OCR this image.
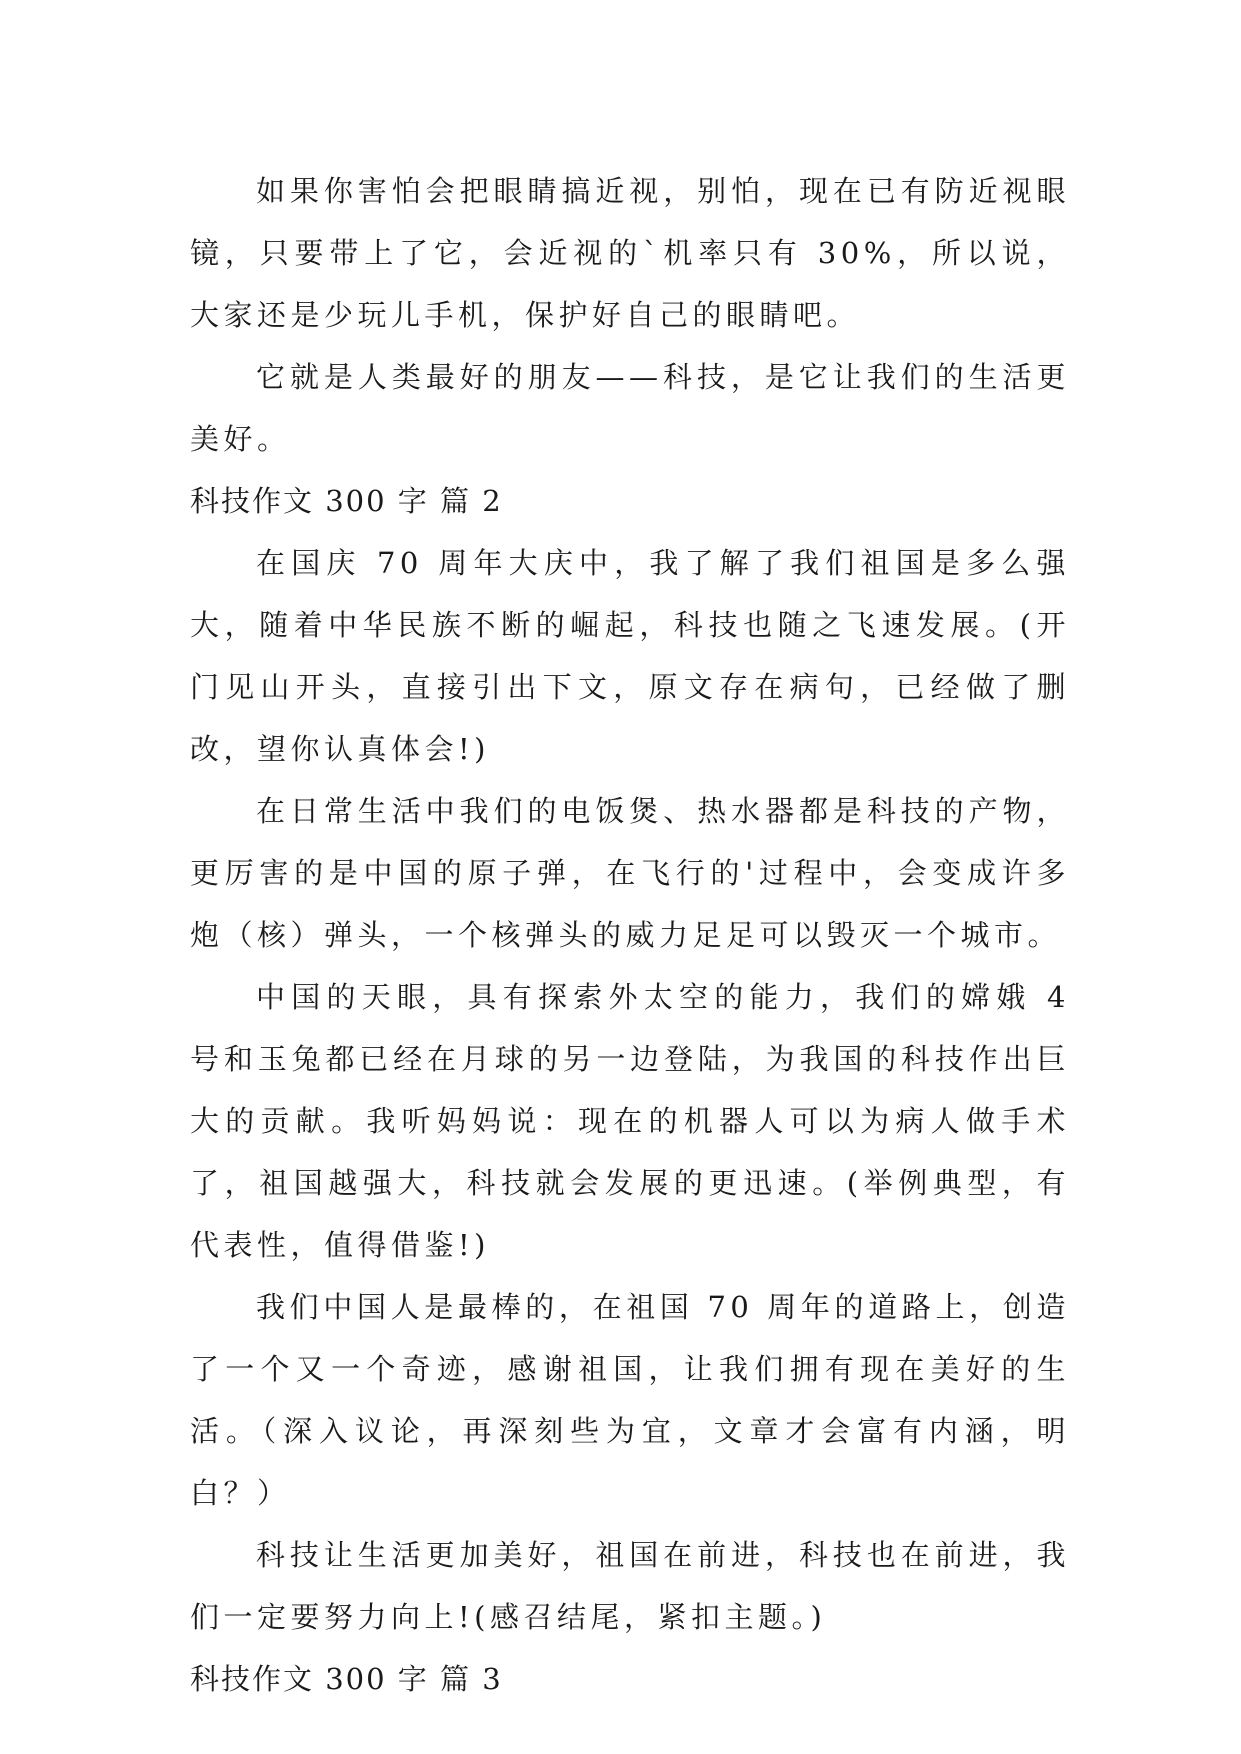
如果你害怕会把眼睛搞近视，别怕，现在已有防近视眼镜，只要带上了它，会近视的`机率只有 30%，所以说，大家还是少玩儿手机，保护好自己的眼睛吧。

它就是人类最好的朋友——科技，是它让我们的生活更美好。

科技作文 300 字 篇 2

在国庆 70 周年大庆中，我了解了我们祖国是多么强大，随着中华民族不断的崛起，科技也随之飞速发展。(开门见山开头，直接引出下文，原文存在病句，已经做了删改，望你认真体会!)

在日常生活中我们的电饭煲、热水器都是科技的产物，更厉害的是中国的原子弹，在飞行的'过程中，会变成许多炮（核）弹头，一个核弹头的威力足足可以毁灭一个城市。

中国的天眼，具有探索外太空的能力，我们的嫦娥 4 号和玉兔都已经在月球的另一边登陆，为我国的科技作出巨大的贡献。我听妈妈说：现在的机器人可以为病人做手术了，祖国越强大，科技就会发展的更迅速。(举例典型，有代表性，值得借鉴!)

我们中国人是最棒的，在祖国 70 周年的道路上，创造了一个又一个奇迹，感谢祖国，让我们拥有现在美好的生活。（深入议论，再深刻些为宜，文章才会富有内涵，明白？）

科技让生活更加美好，祖国在前进，科技也在前进，我们一定要努力向上!(感召结尾，紧扣主题。)

科技作文 300 字 篇 3
